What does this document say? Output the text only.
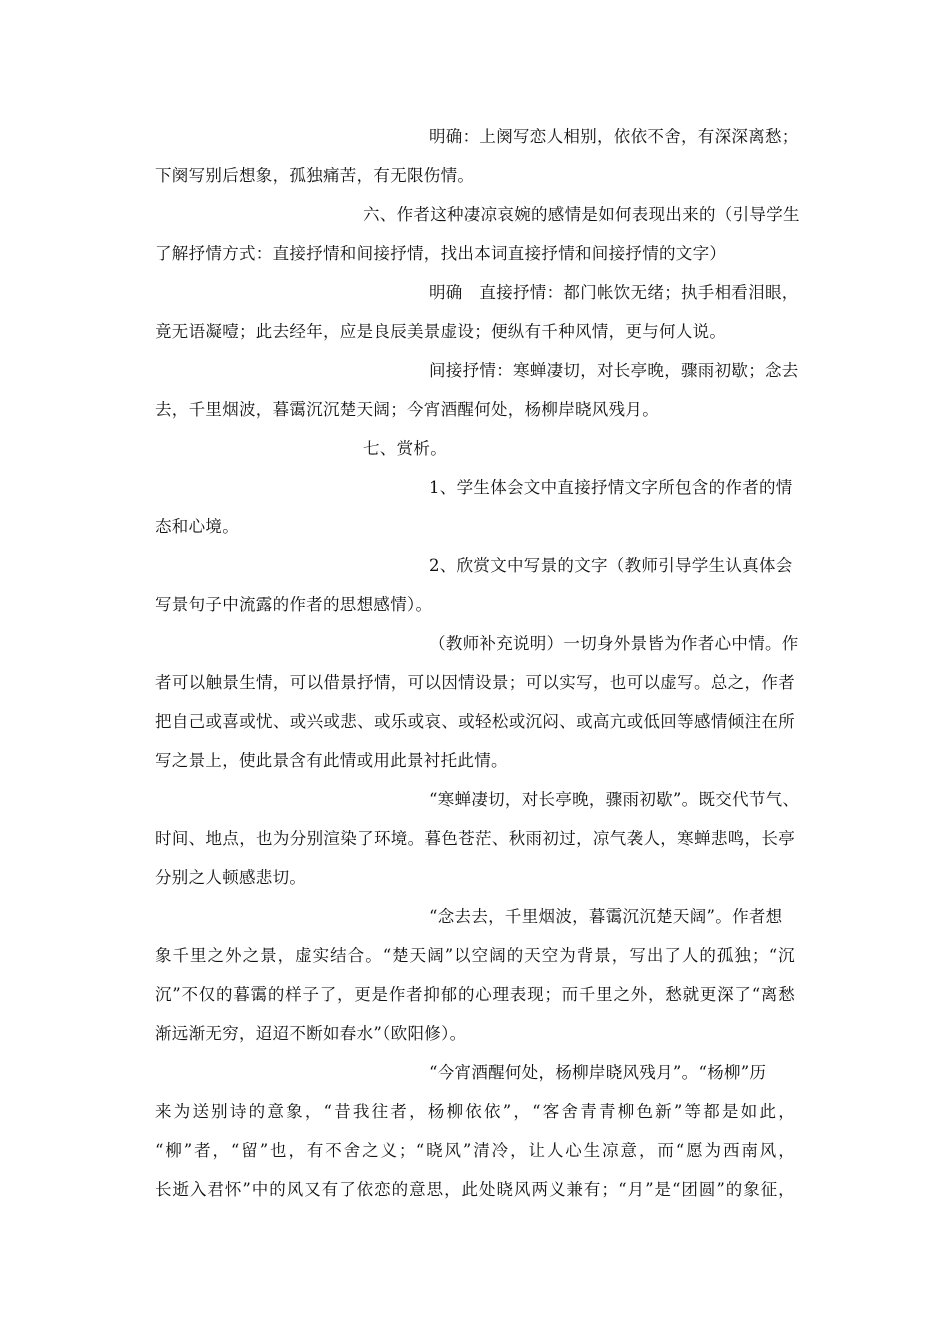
明确：上阕写恋人相别，依依不舍，有深深离愁；
下阕写别后想象，孤独痛苦，有无限伤情。
六、作者这种凄凉哀婉的感情是如何表现出来的（引导学生
了解抒情方式：直接抒情和间接抒情，找出本词直接抒情和间接抒情的文字）
明确　直接抒情：都门帐饮无绪；执手相看泪眼，
竟无语凝噎；此去经年，应是良辰美景虚设；便纵有千种风情，更与何人说。
间接抒情：寒蝉凄切，对长亭晚，骤雨初歇；念去
去，千里烟波，暮霭沉沉楚天阔；今宵酒醒何处，杨柳岸晓风残月。
七、赏析。
1、学生体会文中直接抒情文字所包含的作者的情
态和心境。
2、欣赏文中写景的文字（教师引导学生认真体会
写景句子中流露的作者的思想感情）。
（教师补充说明）一切身外景皆为作者心中情。作
者可以触景生情，可以借景抒情，可以因情设景；可以实写，也可以虚写。总之，作者
把自己或喜或忧、或兴或悲、或乐或哀、或轻松或沉闷、或高亢或低回等感情倾注在所
写之景上，使此景含有此情或用此景衬托此情。
“寒蝉凄切，对长亭晚，骤雨初歇”。既交代节气、
时间、地点，也为分别渲染了环境。暮色苍茫、秋雨初过，凉气袭人，寒蝉悲鸣，长亭
分别之人顿感悲切。
“念去去，千里烟波，暮霭沉沉楚天阔”。作者想
象千里之外之景，虚实结合。“楚天阔”以空阔的天空为背景，写出了人的孤独；“沉
沉”不仅的暮霭的样子了，更是作者抑郁的心理表现；而千里之外，愁就更深了“离愁
渐远渐无穷，迢迢不断如春水”（欧阳修）。
“今宵酒醒何处，杨柳岸晓风残月”。“杨柳”历
来为送别诗的意象，“昔我往者，杨柳依依”，“客舍青青柳色新”等都是如此，
“柳”者，“留”也，有不舍之义；“晓风”清冷，让人心生凉意，而“愿为西南风，
长逝入君怀”中的风又有了依恋的意思，此处晓风两义兼有；“月”是“团圆”的象征，
